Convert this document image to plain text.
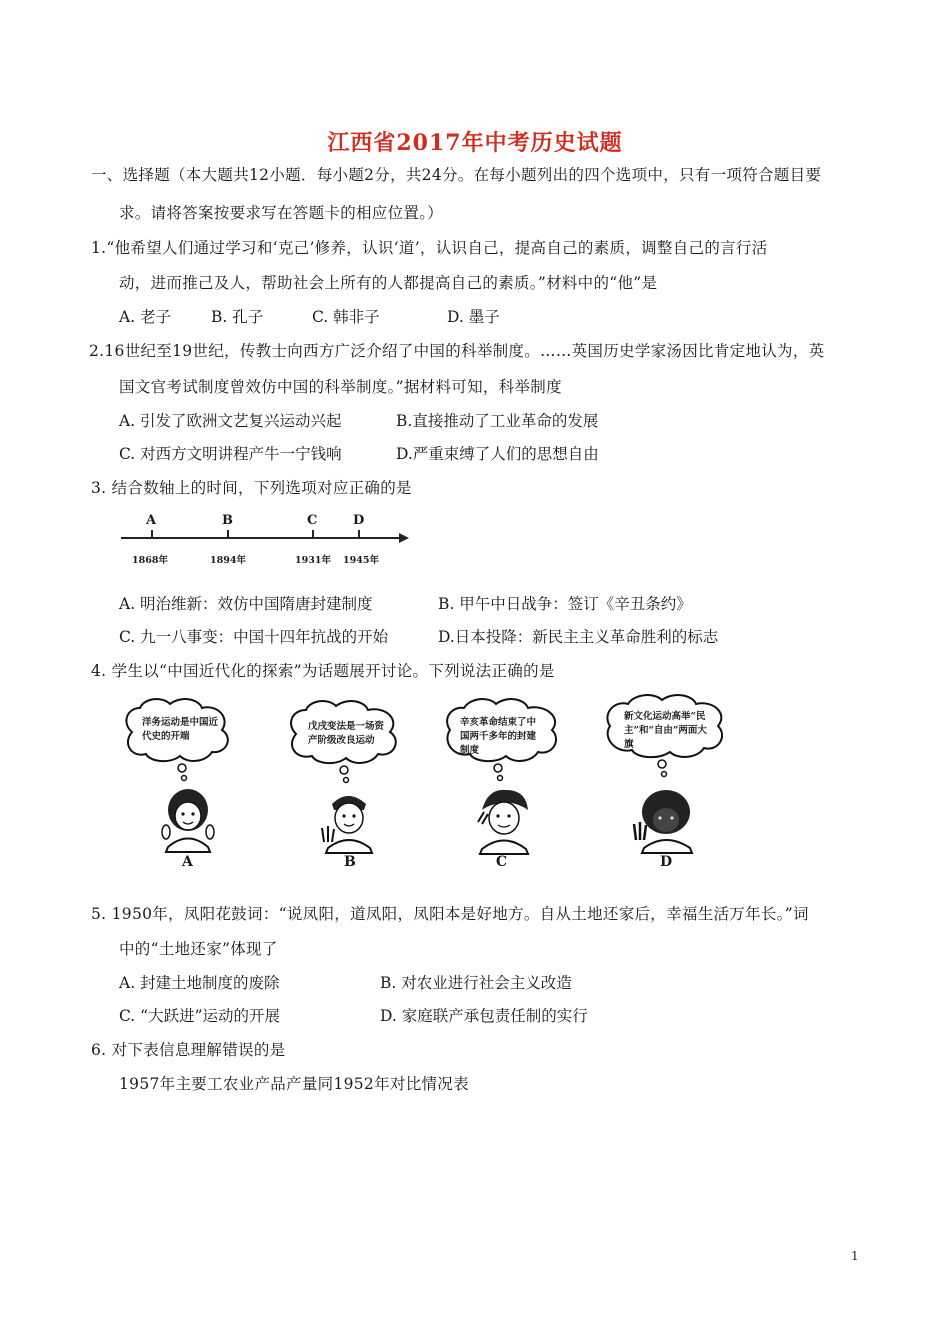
江西省2017年中考历史试题
一、选择题（本大题共12小题．每小题2分，共24分。在每小题列出的四个选项中，只有一项符合题目要
求。请将答案按要求写在答题卡的相应位置。）
1.“他希望人们通过学习和‘克己’修养，认识‘道’，认识自己，提高自己的素质，调整自己的言行活
动，进而推己及人，帮助社会上所有的人都提高自己的素质。”材料中的“他”是
A. 老子	B. 孔子	C. 韩非子	D. 墨子
2.16世纪至19世纪，传教士向西方广泛介绍了中国的科举制度。……英国历史学家汤因比肯定地认为，英
国文官考试制度曾效仿中国的科举制度。”据材料可知，科举制度
A. 引发了欧洲文艺复兴运动兴起	B.直接推动了工业革命的发展
C. 对西方文明讲程产牛一宁钱响	D.严重束缚了人们的思想自由
3. 结合数轴上的时间，下列选项对应正确的是
A	B	C	D
1868年	1894年	1931年 1945年
A. 明治维新：效仿中国隋唐封建制度	B. 甲午中日战争：签订《辛丑条约》
C. 九一八事变：中国十四年抗战的开始	D.日本投降：新民主主义革命胜利的标志
4. 学生以“中国近代化的探索”为话题展开讨论。下列说法正确的是
洋务运动是中国近代史的开端
A
戊戌变法是一场资产阶级改良运动
B
辛亥革命结束了中国两千多年的封建制度
C
新文化运动高举“民主”和“自由”两面大旗
D
5. 1950年，凤阳花鼓词：“说凤阳，道凤阳，凤阳本是好地方。自从土地还家后，幸福生活万年长。”词
中的“土地还家”体现了
A. 封建土地制度的废除	B. 对农业进行社会主义改造
C. “大跃进”运动的开展	D. 家庭联产承包责任制的实行
6. 对下表信息理解错误的是
1957年主要工农业产品产量同1952年对比情况表
1
